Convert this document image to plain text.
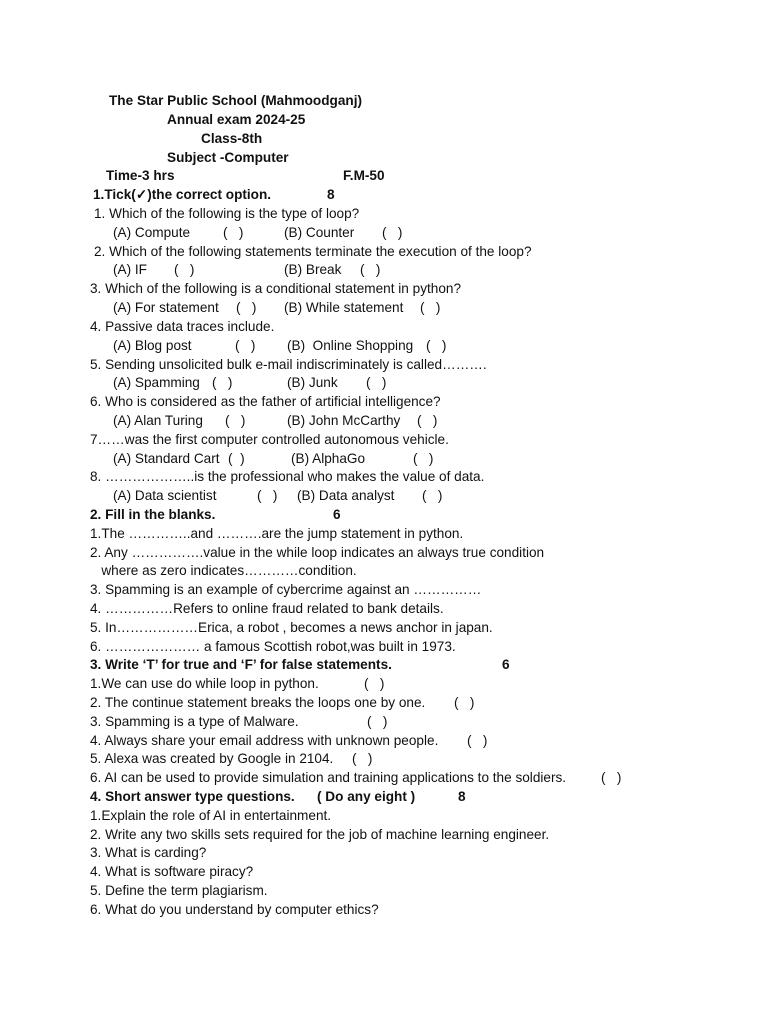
The Star Public School (Mahmoodganj)
Annual exam 2024-25
Class-8th
Subject -Computer
Time-3 hrs	F.M-50
1.Tick(✓)the correct option.	8
1. Which of the following is the type of loop?
(A) Compute (   )	(B) Counter (   )
2. Which of the following statements terminate the execution of the loop?
(A) IF (   )	(B) Break (   )
3. Which of the following is a conditional statement in python?
(A) For statement (   ) (B) While statement (   )
4. Passive data traces include.
(A) Blog post	(   ) (B)  Online Shopping (   )
5. Sending unsolicited bulk e-mail indiscriminately is called……….
(A) Spamming (   )	(B) Junk (   )
6. Who is considered as the father of artificial intelligence?
(A) Alan Turing (   )	(B) John McCarthy (   )
7……was the first computer controlled autonomous vehicle.
(A) Standard Cart (  )	(B) AlphaGo	(   )
8. ………………..is the professional who makes the value of data.
(A) Data scientist	(   ) (B) Data analyst (   )
2. Fill in the blanks.	6
1.The …………..and ……….are the jump statement in python.
2. Any …………….value in the while loop indicates an always true condition
where as zero indicates…………condition.
3. Spamming is an example of cybercrime against an ……………
4. ……………Refers to online fraud related to bank details.
5. In………………Erica, a robot , becomes a news anchor in japan.
6. ………………… a famous Scottish robot,was built in 1973.
3. Write ‘T’ for true and ‘F’ for false statements.	6
1.We can use do while loop in python.	(   )
2. The continue statement breaks the loops one by one. (   )
3. Spamming is a type of Malware.	(   )
4. Always share your email address with unknown people. (   )
5. Alexa was created by Google in 2104. (   )
6. AI can be used to provide simulation and training applications to the soldiers.	(   )
4. Short answer type questions. ( Do any eight )	8
1.Explain the role of AI in entertainment.
2. Write any two skills sets required for the job of machine learning engineer.
3. What is carding?
4. What is software piracy?
5. Define the term plagiarism.
6. What do you understand by computer ethics?
